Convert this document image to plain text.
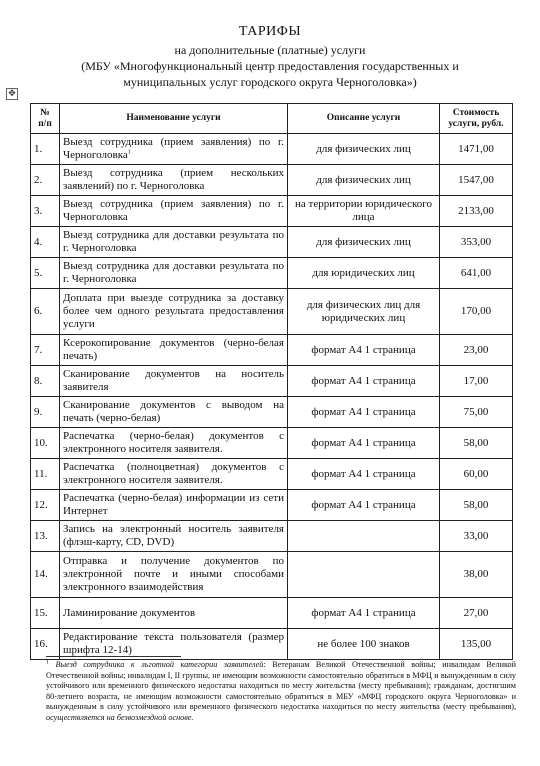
ТАРИФЫ
на дополнительные (платные) услуги
(МБУ «Многофункциональный центр предоставления государственных и
муниципальных услуг городского округа Черноголовка»)
✥
№
п/п	Наименование услуги	Описание услуги	Стоимость
услуги, рубл.
1.	Выезд сотрудника (прием заявления) по г. Черноголовка$^1$	для физических лиц	1471,00
2.	Выезд сотрудника (прием нескольких заявлений) по г. Черноголовка	для физических лиц	1547,00
3.	Выезд сотрудника (прием заявления) по г. Черноголовка	на территории юридического лица	2133,00
4.	Выезд сотрудника для доставки результата по г. Черноголовка	для физических лиц	353,00
5.	Выезд сотрудника для доставки результата по г. Черноголовка	для юридических лиц	641,00
6.	Доплата при выезде сотрудника за доставку более чем одного результата предоставления услуги	для физических лиц для юридических лиц	170,00
7.	Ксерокопирование документов (черно-белая печать)	формат А4 1 страница	23,00
8.	Сканирование документов на носитель заявителя	формат А4 1 страница	17,00
9.	Сканирование документов с выводом на печать (черно-белая)	формат А4 1 страница	75,00
10.	Распечатка (черно-белая) документов с электронного носителя заявителя.	формат А4 1 страница	58,00
11.	Распечатка (полноцветная) документов с электронного носителя заявителя.	формат А4 1 страница	60,00
12.	Распечатка (черно-белая) информации из сети Интернет	формат А4 1 страница	58,00
13.	Запись на электронный носитель заявителя (флэш-карту, CD, DVD)		33,00
14.	Отправка и получение документов по электронной почте и иными способами электронного взаимодействия		38,00
15.	Ламинирование документов	формат А4 1 страница	27,00
16.	Редактирование текста пользователя (размер шрифта 12-14)	не более 100 знаков	135,00
$^1$ Выезд сотрудника к льготной категории заявителей: Ветеранам Великой Отечественной войны; инвалидам Великой Отечественной войны; инвалидам I, II группы, не имеющим возможности самостоятельно обратиться в МФЦ и вынужденным в силу устойчивого или временного физического недостатка находиться по месту жительства (месту пребывания); гражданам, достигшим 80-летнего возраста, не имеющим возможности самостоятельно обратиться в МБУ «МФЦ городского округа Черноголовка» и вынужденным в силу устойчивого или временного физического недостатка находиться по месту жительства (месту пребывания), осуществляется на безвозмездной основе.
